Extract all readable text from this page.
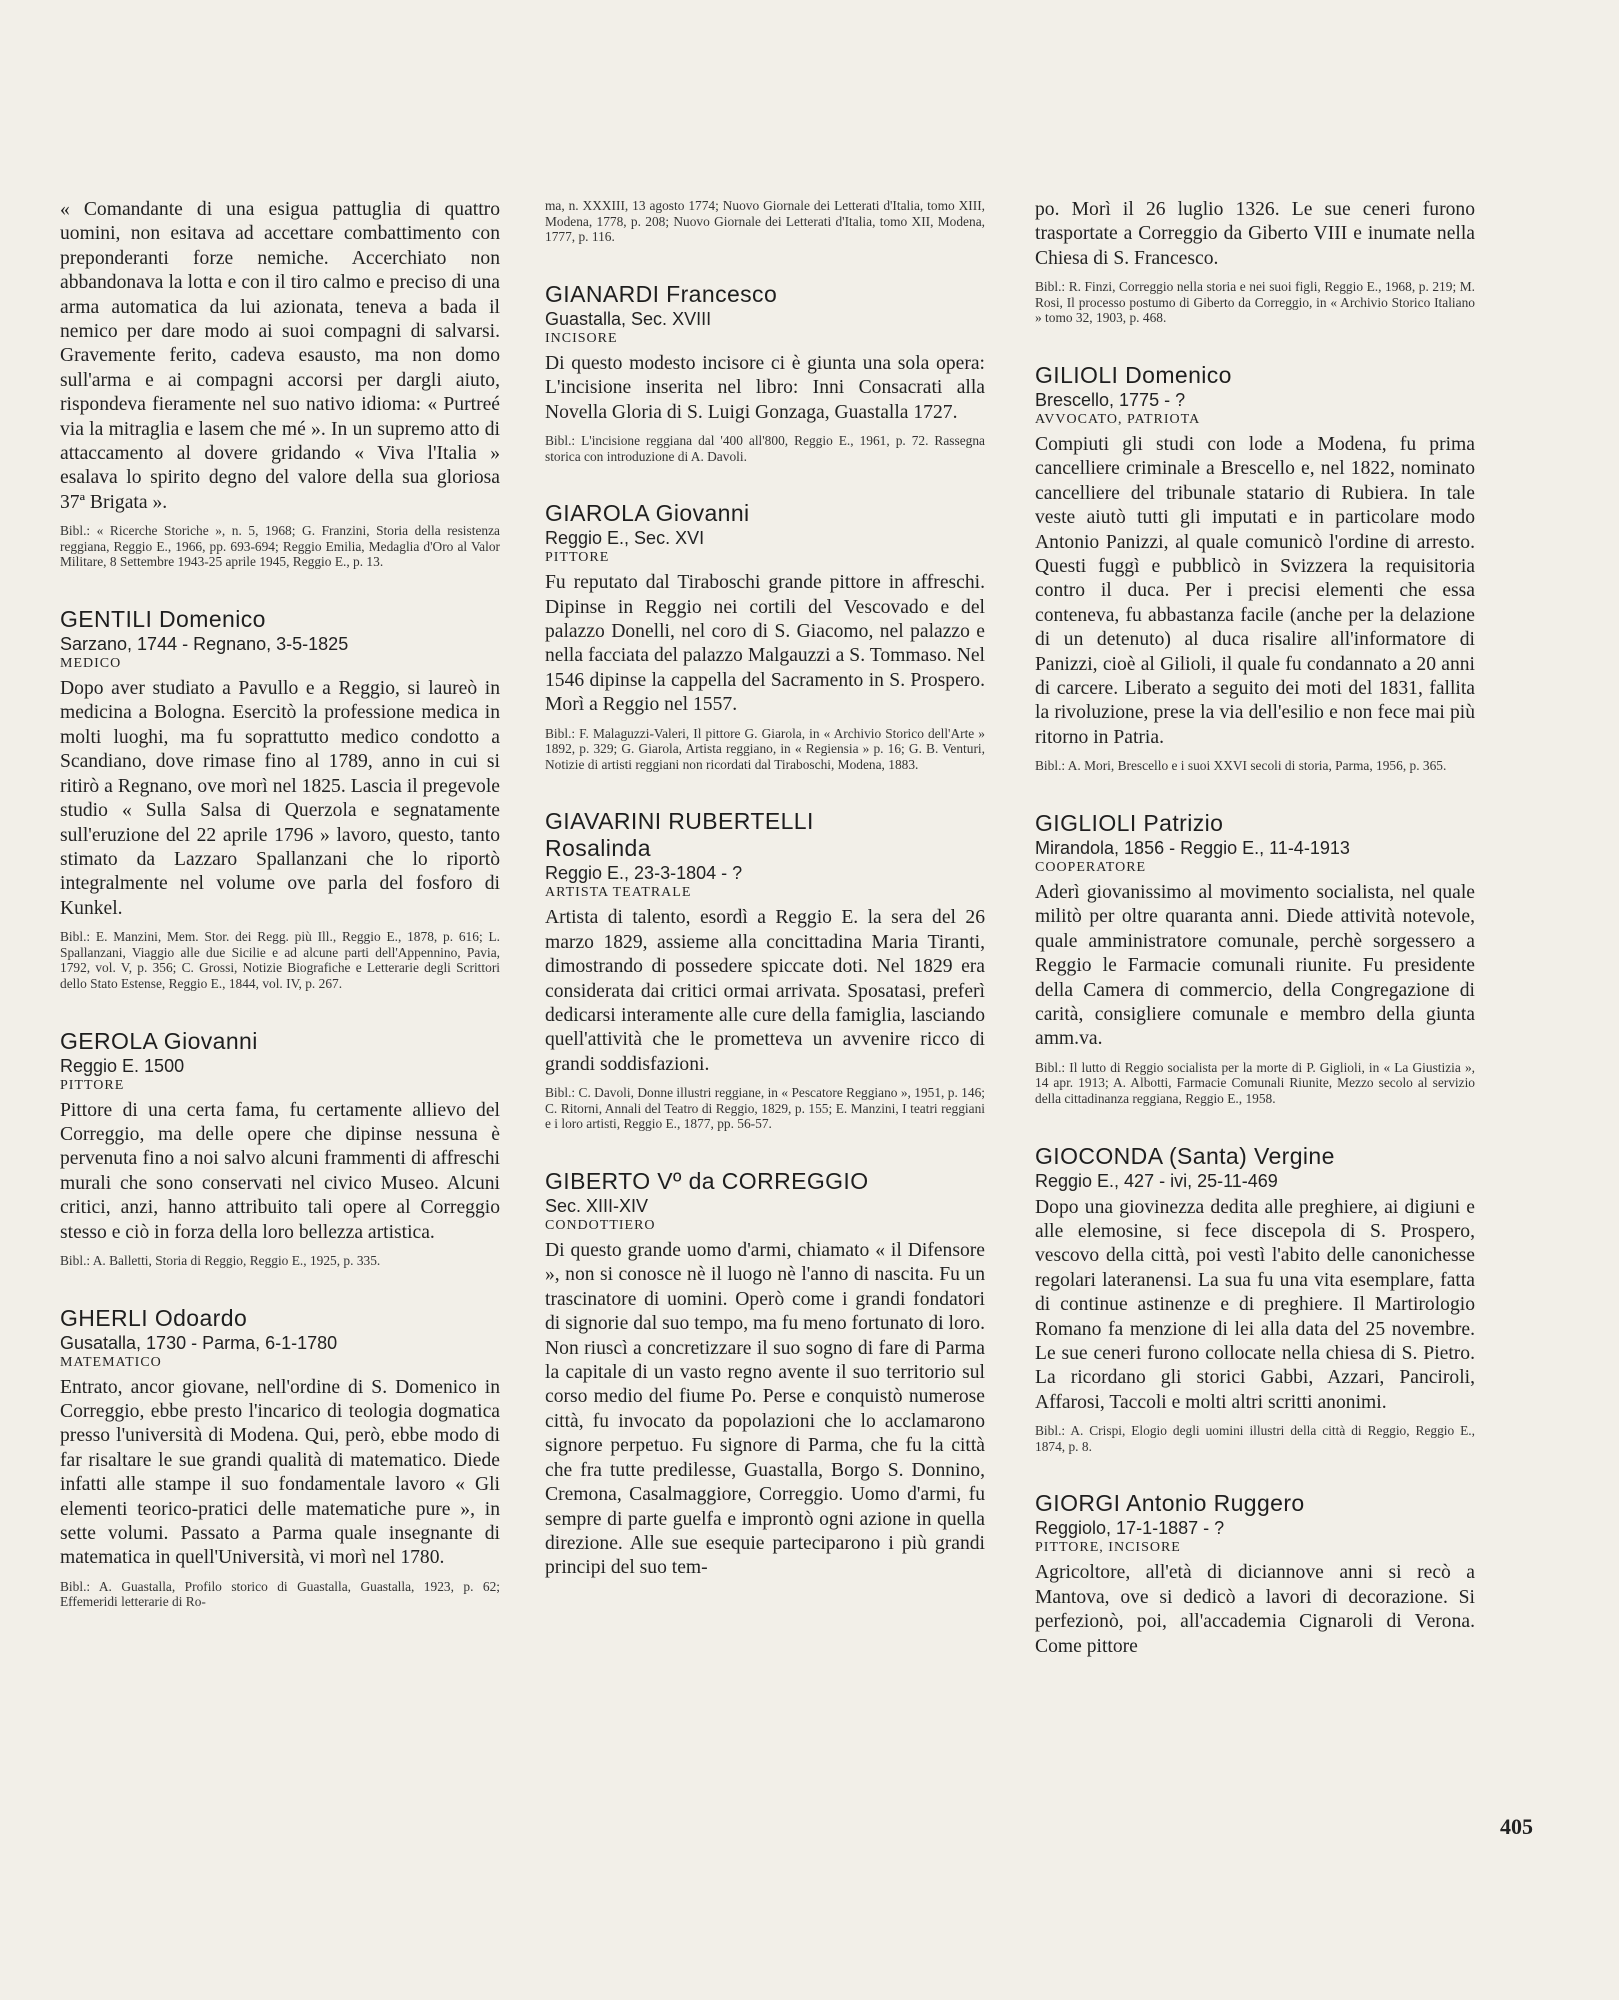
« Comandante di una esigua pattuglia di quattro uomini, non esitava ad accettare combattimento con preponderanti forze nemiche. Accerchiato non abbandonava la lotta e con il tiro calmo e preciso di una arma automatica da lui azionata, teneva a bada il nemico per dare modo ai suoi compagni di salvarsi. Gravemente ferito, cadeva esausto, ma non domo sull'arma e ai compagni accorsi per dargli aiuto, rispondeva fieramente nel suo nativo idioma: « Purtreé via la mitraglia e lasem che mé ». In un supremo atto di attaccamento al dovere gridando « Viva l'Italia » esalava lo spirito degno del valore della sua gloriosa 37ª Brigata ».

Bibl.: « Ricerche Storiche », n. 5, 1968; G. Franzini, Storia della resistenza reggiana, Reggio E., 1966, pp. 693-694; Reggio Emilia, Medaglia d'Oro al Valor Militare, 8 Settembre 1943-25 aprile 1945, Reggio E., p. 13.

GENTILI Domenico
Sarzano, 1744 - Regnano, 3-5-1825
MEDICO

Dopo aver studiato a Pavullo e a Reggio, si laureò in medicina a Bologna. Esercitò la professione medica in molti luoghi, ma fu soprattutto medico condotto a Scandiano, dove rimase fino al 1789, anno in cui si ritirò a Regnano, ove morì nel 1825. Lascia il pregevole studio « Sulla Salsa di Querzola e segnatamente sull'eruzione del 22 aprile 1796 » lavoro, questo, tanto stimato da Lazzaro Spallanzani che lo riportò integralmente nel volume ove parla del fosforo di Kunkel.

Bibl.: E. Manzini, Mem. Stor. dei Regg. più Ill., Reggio E., 1878, p. 616; L. Spallanzani, Viaggio alle due Sicilie e ad alcune parti dell'Appennino, Pavia, 1792, vol. V, p. 356; C. Grossi, Notizie Biografiche e Letterarie degli Scrittori dello Stato Estense, Reggio E., 1844, vol. IV, p. 267.

GEROLA Giovanni
Reggio E. 1500
PITTORE

Pittore di una certa fama, fu certamente allievo del Correggio, ma delle opere che dipinse nessuna è pervenuta fino a noi salvo alcuni frammenti di affreschi murali che sono conservati nel civico Museo. Alcuni critici, anzi, hanno attribuito tali opere al Correggio stesso e ciò in forza della loro bellezza artistica.

Bibl.: A. Balletti, Storia di Reggio, Reggio E., 1925, p. 335.

GHERLI Odoardo
Gusatalla, 1730 - Parma, 6-1-1780
MATEMATICO

Entrato, ancor giovane, nell'ordine di S. Domenico in Correggio, ebbe presto l'incarico di teologia dogmatica presso l'università di Modena. Qui, però, ebbe modo di far risaltare le sue grandi qualità di matematico. Diede infatti alle stampe il suo fondamentale lavoro « Gli elementi teorico-pratici delle matematiche pure », in sette volumi. Passato a Parma quale insegnante di matematica in quell'Università, vi morì nel 1780.

Bibl.: A. Guastalla, Profilo storico di Guastalla, Guastalla, 1923, p. 62; Effemeridi letterarie di Ro-

ma, n. XXXIII, 13 agosto 1774; Nuovo Giornale dei Letterati d'Italia, tomo XIII, Modena, 1778, p. 208; Nuovo Giornale dei Letterati d'Italia, tomo XII, Modena, 1777, p. 116.

GIANARDI Francesco
Guastalla, Sec. XVIII
INCISORE

Di questo modesto incisore ci è giunta una sola opera: L'incisione inserita nel libro: Inni Consacrati alla Novella Gloria di S. Luigi Gonzaga, Guastalla 1727.

Bibl.: L'incisione reggiana dal '400 all'800, Reggio E., 1961, p. 72. Rassegna storica con introduzione di A. Davoli.

GIAROLA Giovanni
Reggio E., Sec. XVI
PITTORE

Fu reputato dal Tiraboschi grande pittore in affreschi. Dipinse in Reggio nei cortili del Vescovado e del palazzo Donelli, nel coro di S. Giacomo, nel palazzo e nella facciata del palazzo Malgauzzi a S. Tommaso. Nel 1546 dipinse la cappella del Sacramento in S. Prospero. Morì a Reggio nel 1557.

Bibl.: F. Malaguzzi-Valeri, Il pittore G. Giarola, in « Archivio Storico dell'Arte » 1892, p. 329; G. Giarola, Artista reggiano, in « Regiensia » p. 16; G. B. Venturi, Notizie di artisti reggiani non ricordati dal Tiraboschi, Modena, 1883.

GIAVARINI RUBERTELLI
Rosalinda
Reggio E., 23-3-1804 - ?
ARTISTA TEATRALE

Artista di talento, esordì a Reggio E. la sera del 26 marzo 1829, assieme alla concittadina Maria Tiranti, dimostrando di possedere spiccate doti. Nel 1829 era considerata dai critici ormai arrivata. Sposatasi, preferì dedicarsi interamente alle cure della famiglia, lasciando quell'attività che le prometteva un avvenire ricco di grandi soddisfazioni.

Bibl.: C. Davoli, Donne illustri reggiane, in « Pescatore Reggiano », 1951, p. 146; C. Ritorni, Annali del Teatro di Reggio, 1829, p. 155; E. Manzini, I teatri reggiani e i loro artisti, Reggio E., 1877, pp. 56-57.

GIBERTO Vº da CORREGGIO
Sec. XIII-XIV
CONDOTTIERO

Di questo grande uomo d'armi, chiamato « il Difensore », non si conosce nè il luogo nè l'anno di nascita. Fu un trascinatore di uomini. Operò come i grandi fondatori di signorie dal suo tempo, ma fu meno fortunato di loro. Non riuscì a concretizzare il suo sogno di fare di Parma la capitale di un vasto regno avente il suo territorio sul corso medio del fiume Po. Perse e conquistò numerose città, fu invocato da popolazioni che lo acclamarono signore perpetuo. Fu signore di Parma, che fu la città che fra tutte predilesse, Guastalla, Borgo S. Donnino, Cremona, Casalmaggiore, Correggio. Uomo d'armi, fu sempre di parte guelfa e improntò ogni azione in quella direzione. Alle sue esequie parteciparono i più grandi principi del suo tem-

po. Morì il 26 luglio 1326. Le sue ceneri furono trasportate a Correggio da Giberto VIII e inumate nella Chiesa di S. Francesco.

Bibl.: R. Finzi, Correggio nella storia e nei suoi figli, Reggio E., 1968, p. 219; M. Rosi, Il processo postumo di Giberto da Correggio, in « Archivio Storico Italiano » tomo 32, 1903, p. 468.

GILIOLI Domenico
Brescello, 1775 - ?
AVVOCATO, PATRIOTA

Compiuti gli studi con lode a Modena, fu prima cancelliere criminale a Brescello e, nel 1822, nominato cancelliere del tribunale statario di Rubiera. In tale veste aiutò tutti gli imputati e in particolare modo Antonio Panizzi, al quale comunicò l'ordine di arresto. Questi fuggì e pubblicò in Svizzera la requisitoria contro il duca. Per i precisi elementi che essa conteneva, fu abbastanza facile (anche per la delazione di un detenuto) al duca risalire all'informatore di Panizzi, cioè al Gilioli, il quale fu condannato a 20 anni di carcere. Liberato a seguito dei moti del 1831, fallita la rivoluzione, prese la via dell'esilio e non fece mai più ritorno in Patria.

Bibl.: A. Mori, Brescello e i suoi XXVI secoli di storia, Parma, 1956, p. 365.

GIGLIOLI Patrizio
Mirandola, 1856 - Reggio E., 11-4-1913
COOPERATORE

Aderì giovanissimo al movimento socialista, nel quale militò per oltre quaranta anni. Diede attività notevole, quale amministratore comunale, perchè sorgessero a Reggio le Farmacie comunali riunite. Fu presidente della Camera di commercio, della Congregazione di carità, consigliere comunale e membro della giunta amm.va.

Bibl.: Il lutto di Reggio socialista per la morte di P. Giglioli, in « La Giustizia », 14 apr. 1913; A. Albotti, Farmacie Comunali Riunite, Mezzo secolo al servizio della cittadinanza reggiana, Reggio E., 1958.

GIOCONDA (Santa) Vergine
Reggio E., 427 - ivi, 25-11-469

Dopo una giovinezza dedita alle preghiere, ai digiuni e alle elemosine, si fece discepola di S. Prospero, vescovo della città, poi vestì l'abito delle canonichesse regolari lateranensi. La sua fu una vita esemplare, fatta di continue astinenze e di preghiere. Il Martirologio Romano fa menzione di lei alla data del 25 novembre. Le sue ceneri furono collocate nella chiesa di S. Pietro. La ricordano gli storici Gabbi, Azzari, Panciroli, Affarosi, Taccoli e molti altri scritti anonimi.

Bibl.: A. Crispi, Elogio degli uomini illustri della città di Reggio, Reggio E., 1874, p. 8.

GIORGI Antonio Ruggero
Reggiolo, 17-1-1887 - ?
PITTORE, INCISORE

Agricoltore, all'età di diciannove anni si recò a Mantova, ove si dedicò a lavori di decorazione. Si perfezionò, poi, all'accademia Cignaroli di Verona. Come pittore

405
